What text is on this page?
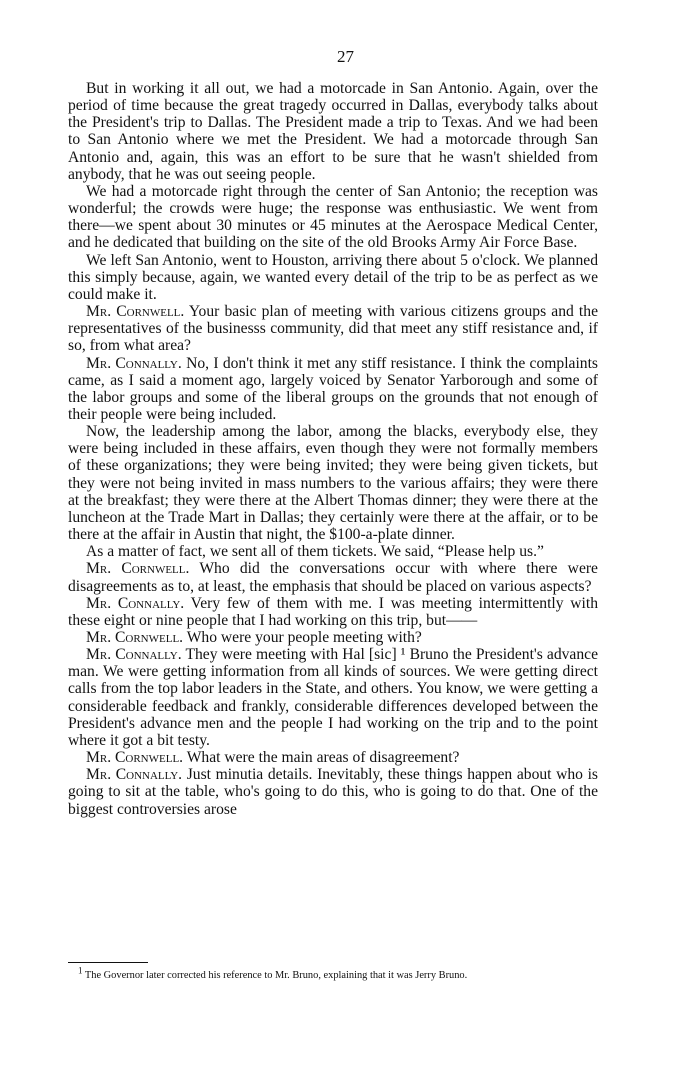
27

But in working it all out, we had a motorcade in San Antonio. Again, over the period of time because the great tragedy occurred in Dallas, everybody talks about the President's trip to Dallas. The President made a trip to Texas. And we had been to San Antonio where we met the President. We had a motorcade through San Antonio and, again, this was an effort to be sure that he wasn't shielded from anybody, that he was out seeing people.

We had a motorcade right through the center of San Antonio; the reception was wonderful; the crowds were huge; the response was enthusiastic. We went from there—we spent about 30 minutes or 45 minutes at the Aerospace Medical Center, and he dedicated that building on the site of the old Brooks Army Air Force Base.

We left San Antonio, went to Houston, arriving there about 5 o'clock. We planned this simply because, again, we wanted every detail of the trip to be as perfect as we could make it.

Mr. Cornwell. Your basic plan of meeting with various citizens groups and the representatives of the businesss community, did that meet any stiff resistance and, if so, from what area?

Mr. Connally. No, I don't think it met any stiff resistance. I think the complaints came, as I said a moment ago, largely voiced by Senator Yarborough and some of the labor groups and some of the liberal groups on the grounds that not enough of their people were being included.

Now, the leadership among the labor, among the blacks, everybody else, they were being included in these affairs, even though they were not formally members of these organizations; they were being invited; they were being given tickets, but they were not being invited in mass numbers to the various affairs; they were there at the breakfast; they were there at the Albert Thomas dinner; they were there at the luncheon at the Trade Mart in Dallas; they certainly were there at the affair, or to be there at the affair in Austin that night, the $100-a-plate dinner.

As a matter of fact, we sent all of them tickets. We said, “Please help us.”

Mr. Cornwell. Who did the conversations occur with where there were disagreements as to, at least, the emphasis that should be placed on various aspects?

Mr. Connally. Very few of them with me. I was meeting intermittently with these eight or nine people that I had working on this trip, but——

Mr. Cornwell. Who were your people meeting with?

Mr. Connally. They were meeting with Hal [sic] ¹ Bruno the President's advance man. We were getting information from all kinds of sources. We were getting direct calls from the top labor leaders in the State, and others. You know, we were getting a considerable feedback and frankly, considerable differences developed between the President's advance men and the people I had working on the trip and to the point where it got a bit testy.

Mr. Cornwell. What were the main areas of disagreement?

Mr. Connally. Just minutia details. Inevitably, these things happen about who is going to sit at the table, who's going to do this, who is going to do that. One of the biggest controversies arose

$^1$ The Governor later corrected his reference to Mr. Bruno, explaining that it was Jerry Bruno.
